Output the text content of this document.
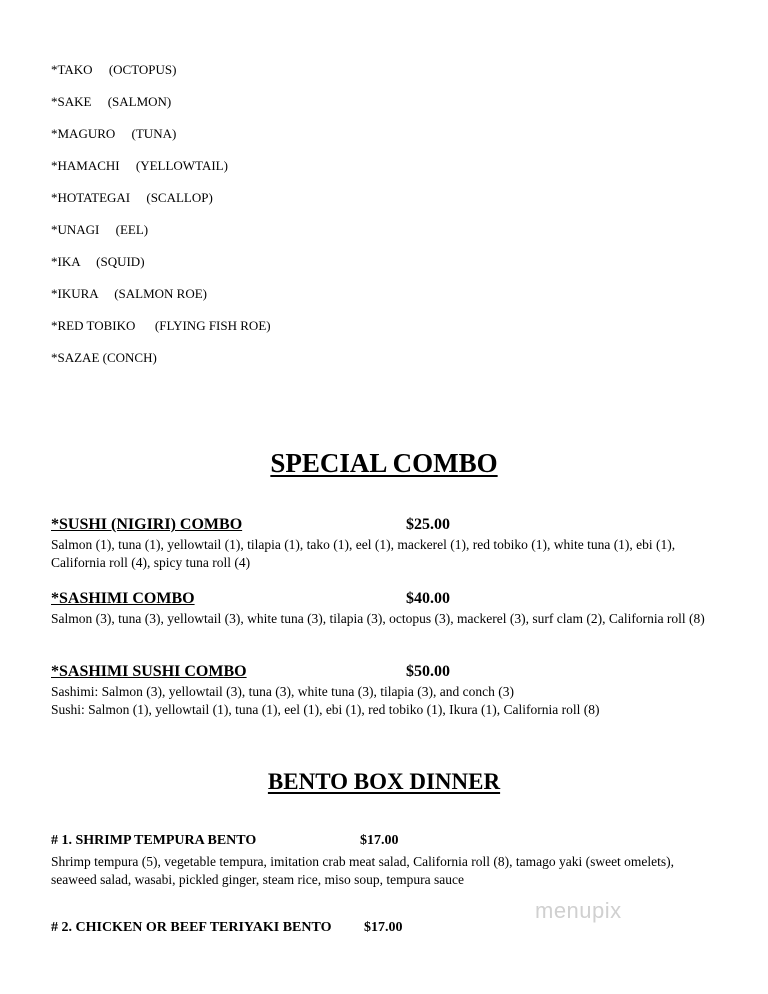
*TAKO     (OCTOPUS)
*SAKE     (SALMON)
*MAGURO     (TUNA)
*HAMACHI     (YELLOWTAIL)
*HOTATEGAI     (SCALLOP)
*UNAGI     (EEL)
*IKA     (SQUID)
*IKURA     (SALMON ROE)
*RED TOBIKO      (FLYING FISH ROE)
*SAZAE (CONCH)
SPECIAL COMBO
*SUSHI (NIGIRI) COMBO	$25.00

Salmon (1), tuna (1), yellowtail (1), tilapia (1), tako (1), eel (1), mackerel (1), red tobiko (1), white tuna (1), ebi (1), California roll (4), spicy tuna roll (4)

*SASHIMI COMBO	$40.00

Salmon (3), tuna (3), yellowtail (3), white tuna (3), tilapia (3), octopus (3), mackerel (3), surf clam (2), California roll (8)

*SASHIMI SUSHI COMBO	$50.00

Sashimi: Salmon (3), yellowtail (3), tuna (3), white tuna (3), tilapia (3), and conch (3)

Sushi: Salmon (1), yellowtail (1), tuna (1), eel (1), ebi (1), red tobiko (1), Ikura (1), California roll (8)

BENTO BOX DINNER
# 1. SHRIMP TEMPURA BENTO	$17.00

Shrimp tempura (5), vegetable tempura, imitation crab meat salad, California roll (8), tamago yaki (sweet omelets), seaweed salad, wasabi, pickled ginger, steam rice, miso soup, tempura sauce

# 2. CHICKEN OR BEEF TERIYAKI BENTO $17.00
menupix
